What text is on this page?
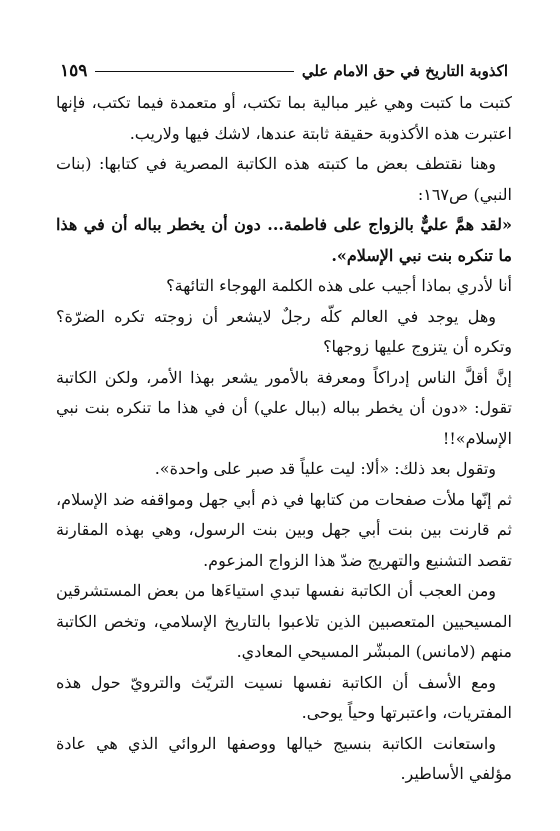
اكذوبة التاريخ في حق الامام علي
١٥٩

كتبت ما كتبت وهي غير مبالية بما تكتب، أو متعمدة فيما تكتب، فإنها اعتبرت هذه الأكذوبة حقيقة ثابتة عندها، لاشك فيها ولاريب.

وهنا نقتطف بعض ما كتبته هذه الكاتبة المصرية في كتابها: (بنات النبي) ص١٦٧:

«لقد همَّ عليٌّ بالزواج على فاطمة... دون أن يخطر بباله أن في هذا ما تنكره بنت نبي الإسلام».

أنا لأدري بماذا أجيب على هذه الكلمة الهوجاء التائهة؟

وهل يوجد في العالم كلّه رجلٌ لايشعر أن زوجته تكره الضرّة؟ وتكره أن يتزوج عليها زوجها؟

إنَّ أقلَّ الناس إدراكاً ومعرفة بالأمور يشعر بهذا الأمر، ولكن الكاتبة تقول: «دون أن يخطر بباله (ببال علي) أن في هذا ما تنكره بنت نبي الإسلام»!!

وتقول بعد ذلك: «ألا: ليت علياً قد صبر على واحدة».

ثم إنّها ملأت صفحات من كتابها في ذم أبي جهل ومواقفه ضد الإسلام، ثم قارنت بين بنت أبي جهل وبين بنت الرسول، وهي بهذه المقارنة تقصد التشنيع والتهريج ضدّ هذا الزواج المزعوم.

ومن العجب أن الكاتبة نفسها تبدي استياءَها من بعض المستشرقين المسيحيين المتعصبين الذين تلاعبوا بالتاريخ الإسلامي، وتخص الكاتبة منهم (لامانس) المبشّر المسيحي المعادي.

ومع الأسف أن الكاتبة نفسها نسيت التريّث والترويّ حول هذه المفتريات، واعتبرتها وحياً يوحى.

واستعانت الكاتبة بنسيج خيالها ووصفها الروائي الذي هي عادة مؤلفي الأساطير.
